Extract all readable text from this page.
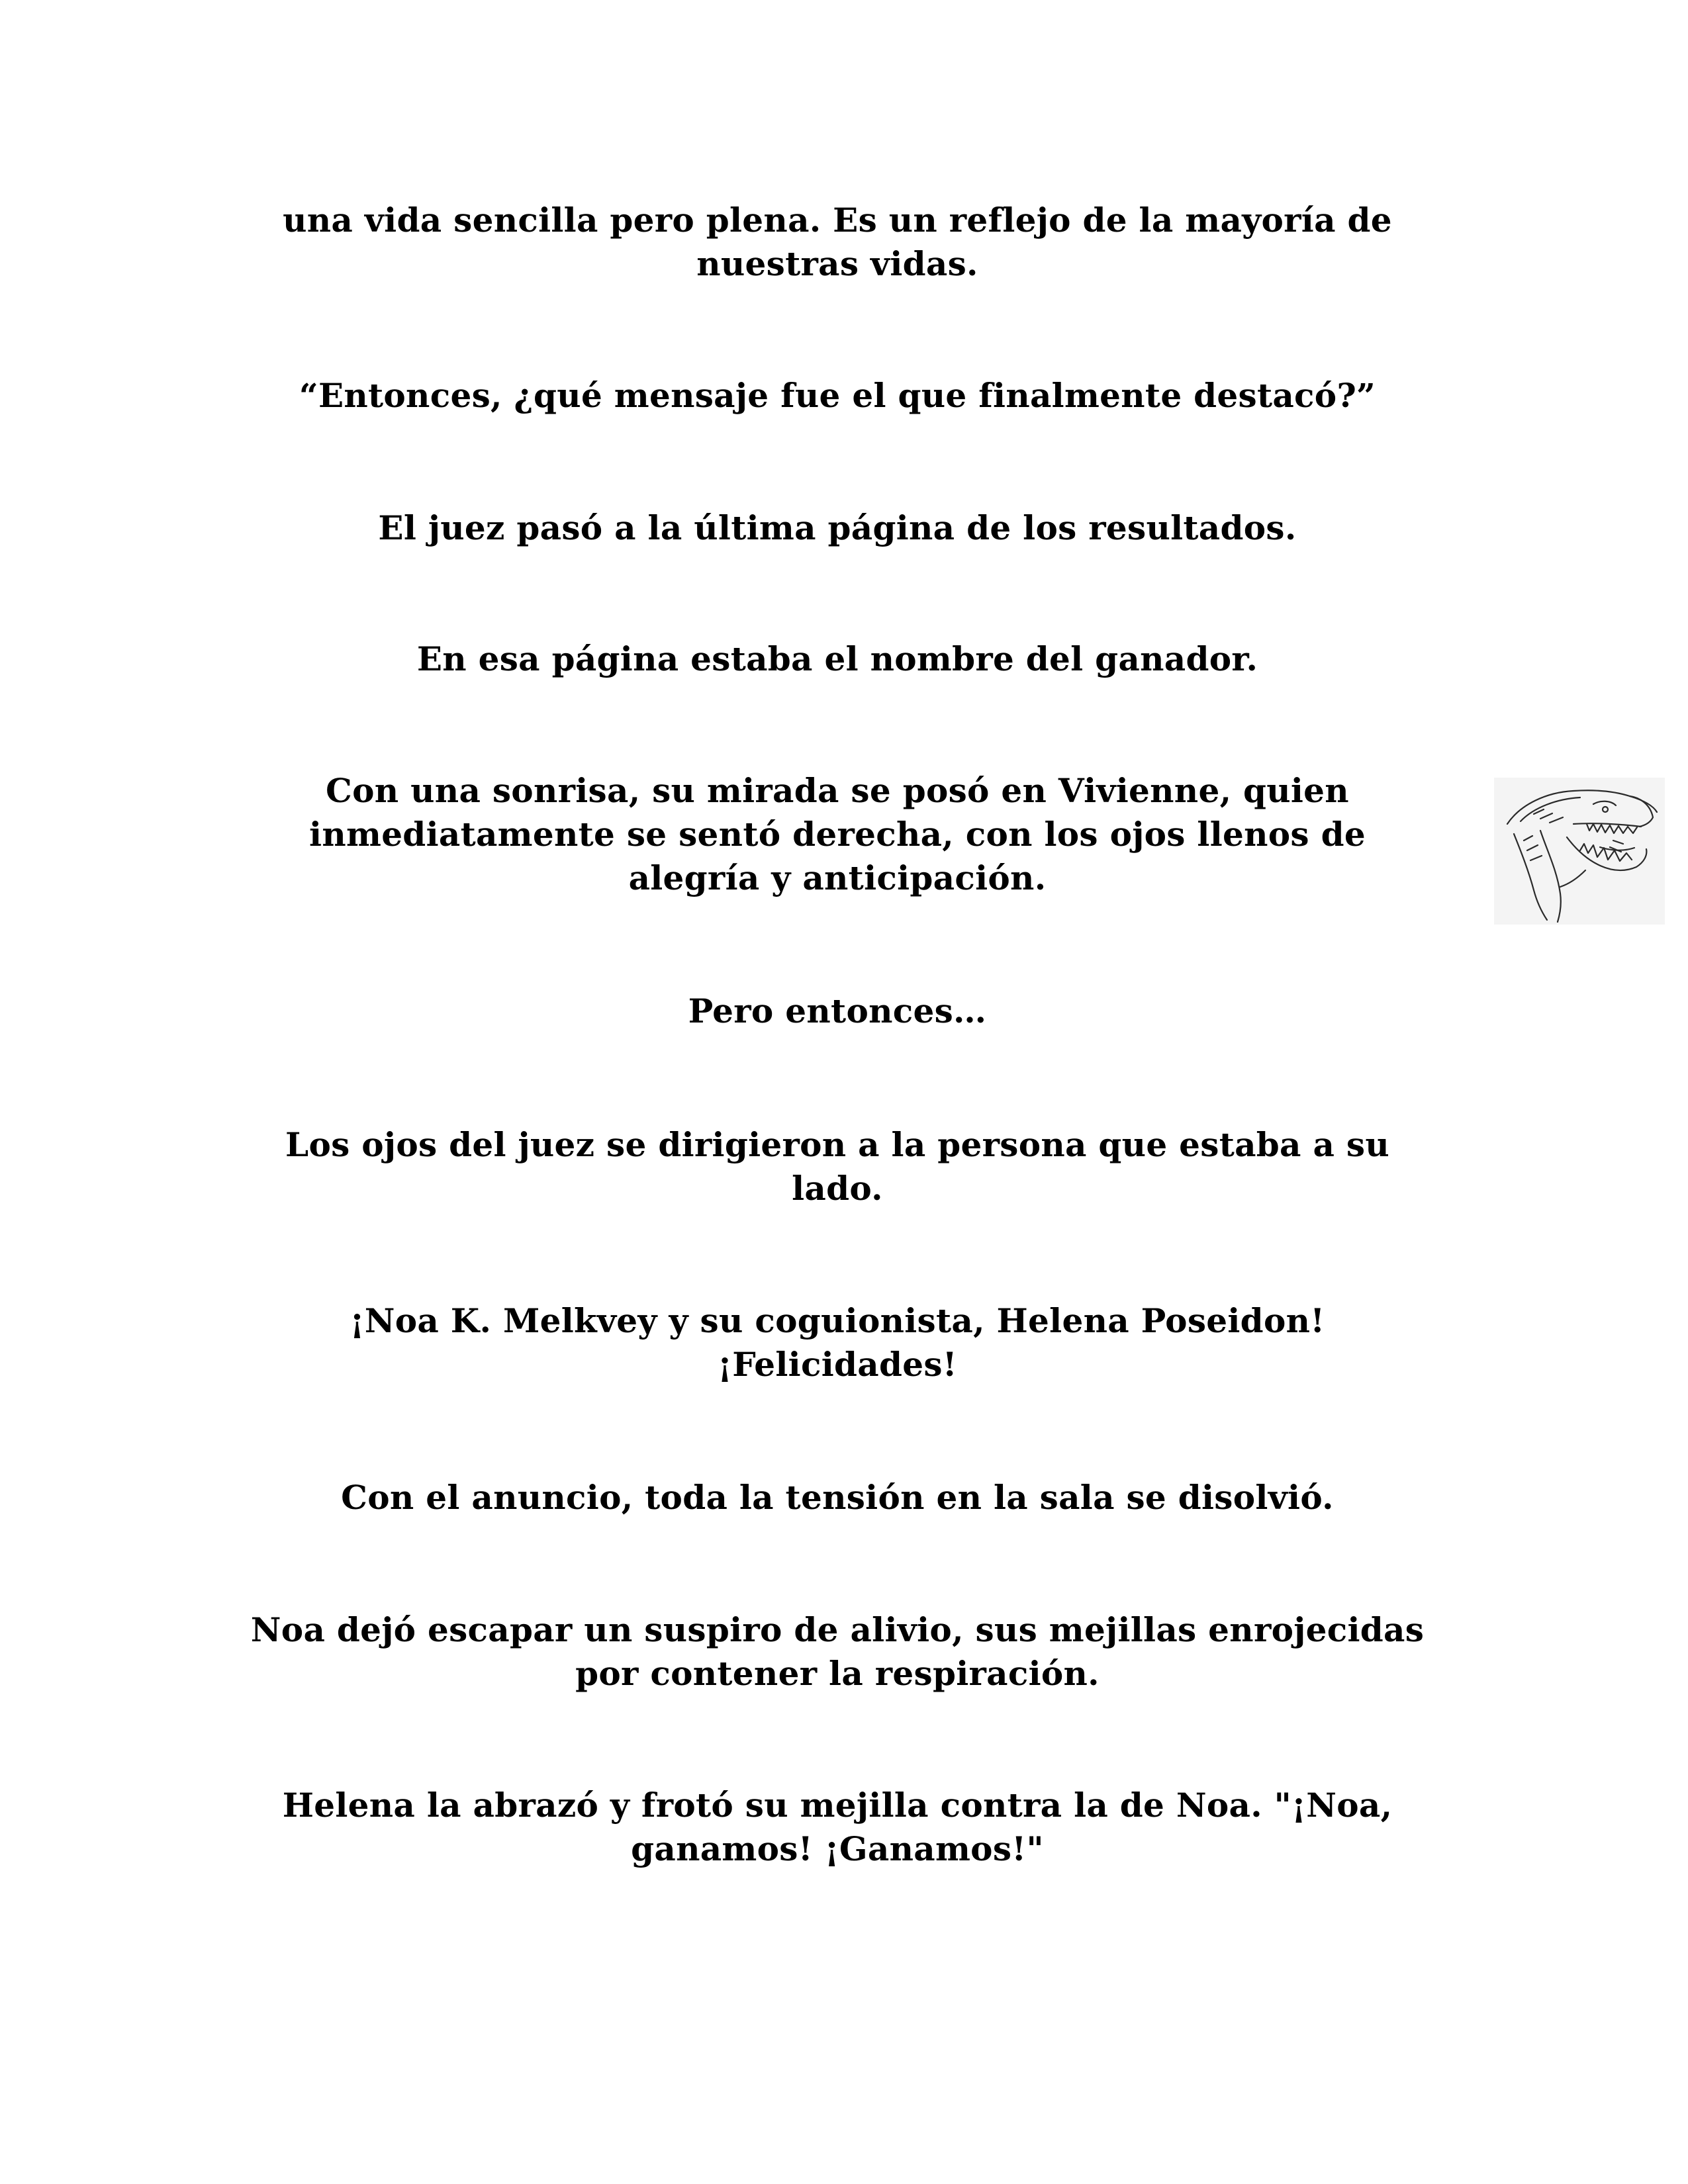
una vida sencilla pero plena. Es un reflejo de la mayoría de
nuestras vidas.

“Entonces, ¿qué mensaje fue el que finalmente destacó?”

El juez pasó a la última página de los resultados.

En esa página estaba el nombre del ganador.

Con una sonrisa, su mirada se posó en Vivienne, quien
inmediatamente se sentó derecha, con los ojos llenos de
alegría y anticipación.

Pero entonces…

Los ojos del juez se dirigieron a la persona que estaba a su
lado.

¡Noa K. Melkvey y su coguionista, Helena Poseidon!
¡Felicidades!

Con el anuncio, toda la tensión en la sala se disolvió.

Noa dejó escapar un suspiro de alivio, sus mejillas enrojecidas
por contener la respiración.

Helena la abrazó y frotó su mejilla contra la de Noa. "¡Noa,
ganamos! ¡Ganamos!"
